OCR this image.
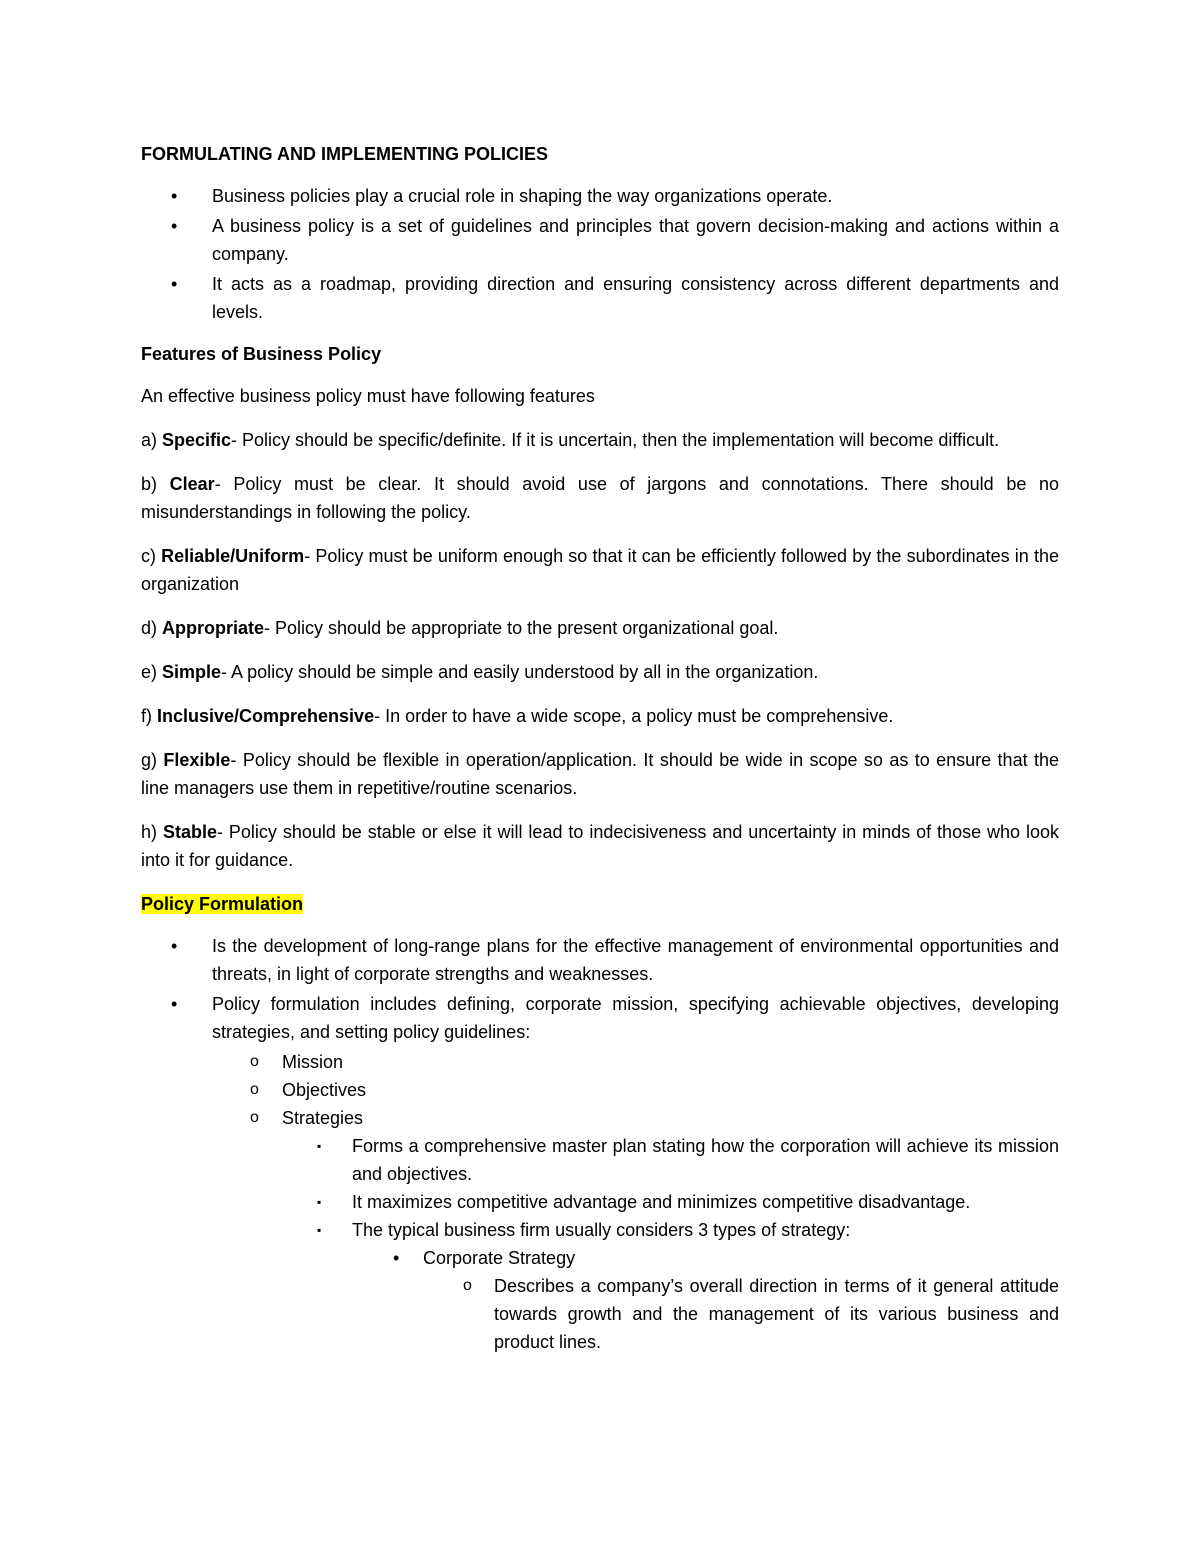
FORMULATING AND IMPLEMENTING POLICIES
• Business policies play a crucial role in shaping the way organizations operate.
• A business policy is a set of guidelines and principles that govern decision-making and actions within a company.
• It acts as a roadmap, providing direction and ensuring consistency across different departments and levels.
Features of Business Policy

An effective business policy must have following features

a) Specific- Policy should be specific/definite. If it is uncertain, then the implementation will become difficult.

b) Clear- Policy must be clear. It should avoid use of jargons and connotations. There should be no misunderstandings in following the policy.

c) Reliable/Uniform- Policy must be uniform enough so that it can be efficiently followed by the subordinates in the organization

d) Appropriate- Policy should be appropriate to the present organizational goal.

e) Simple- A policy should be simple and easily understood by all in the organization.

f) Inclusive/Comprehensive- In order to have a wide scope, a policy must be comprehensive.

g) Flexible- Policy should be flexible in operation/application. It should be wide in scope so as to ensure that the line managers use them in repetitive/routine scenarios.

h) Stable- Policy should be stable or else it will lead to indecisiveness and uncertainty in minds of those who look into it for guidance.

Policy Formulation
• Is the development of long-range plans for the effective management of environmental opportunities and threats, in light of corporate strengths and weaknesses.
• Policy formulation includes defining, corporate mission, specifying achievable objectives, developing strategies, and setting policy guidelines:
o Mission
o Objectives
o Strategies
▪ Forms a comprehensive master plan stating how the corporation will achieve its mission and objectives.
▪ It maximizes competitive advantage and minimizes competitive disadvantage.
▪ The typical business firm usually considers 3 types of strategy:
• Corporate Strategy
o Describes a company’s overall direction in terms of it general attitude towards growth and the management of its various business and product lines.
